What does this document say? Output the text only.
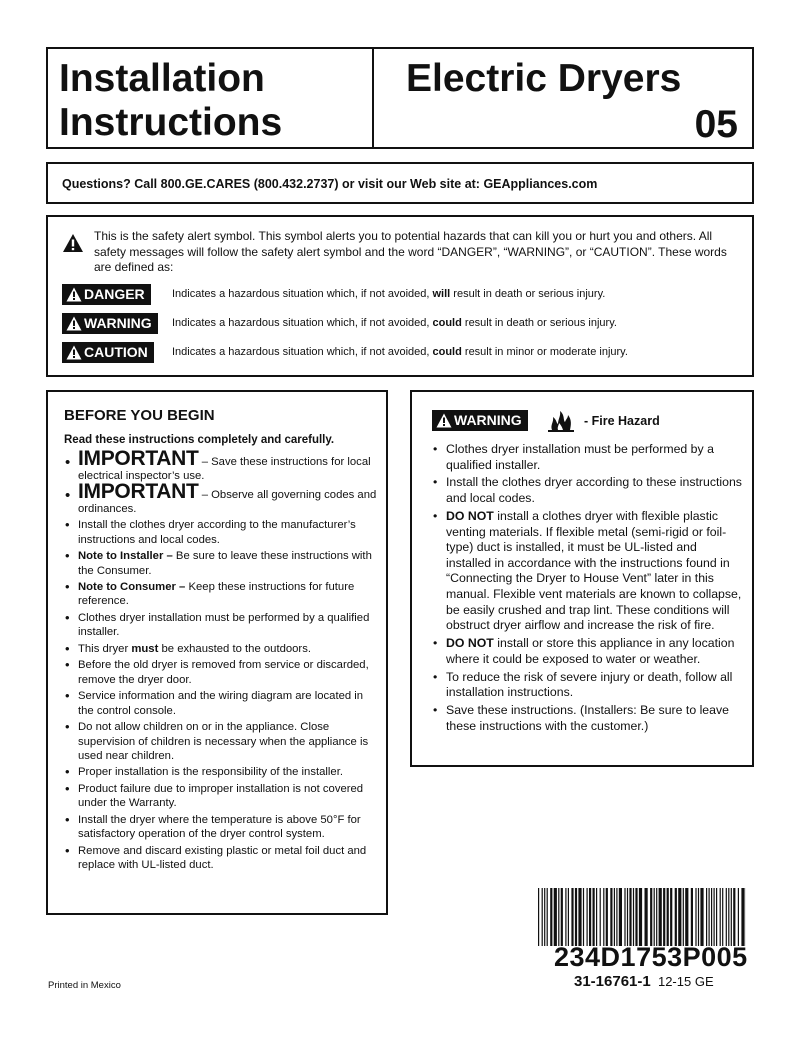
Installation
Instructions
Electric Dryers
05
Questions? Call 800.GE.CARES (800.432.2737) or visit our Web site at: GEAppliances.com
This is the safety alert symbol. This symbol alerts you to potential hazards that can kill you or hurt you and others. All safety messages will follow the safety alert symbol and the word “DANGER”, “WARNING”, or “CAUTION”. These words are defined as:
DANGER	Indicates a hazardous situation which, if not avoided, will result in death or serious injury.
WARNING	Indicates a hazardous situation which, if not avoided, could result in death or serious injury.
CAUTION	Indicates a hazardous situation which, if not avoided, could result in minor or moderate injury.
BEFORE YOU BEGIN
Read these instructions completely and carefully.
• IMPORTANT – Save these instructions for local electrical inspector’s use.
• IMPORTANT – Observe all governing codes and ordinances.
• Install the clothes dryer according to the manufacturer’s instructions and local codes.
• Note to Installer – Be sure to leave these instructions with the Consumer.
• Note to Consumer – Keep these instructions for future reference.
• Clothes dryer installation must be performed by a qualified installer.
• This dryer must be exhausted to the outdoors.
• Before the old dryer is removed from service or discarded, remove the dryer door.
• Service information and the wiring diagram are located in the control console.
• Do not allow children on or in the appliance. Close supervision of children is necessary when the appliance is used near children.
• Proper installation is the responsibility of the installer.
• Product failure due to improper installation is not covered under the Warranty.
• Install the dryer where the temperature is above 50°F for satisfactory operation of the dryer control system.
• Remove and discard existing plastic or metal foil duct and replace with UL-listed duct.
WARNING	- Fire Hazard
• Clothes dryer installation must be performed by a qualified installer.
• Install the clothes dryer according to these instructions and local codes.
• DO NOT install a clothes dryer with flexible plastic venting materials. If flexible metal (semi-rigid or foil-type) duct is installed, it must be UL-listed and installed in accordance with the instructions found in “Connecting the Dryer to House Vent” later in this manual. Flexible vent materials are known to collapse, be easily crushed and trap lint. These conditions will obstruct dryer airflow and increase the risk of fire.
• DO NOT install or store this appliance in any location where it could be exposed to water or weather.
• To reduce the risk of severe injury or death, follow all installation instructions.
• Save these instructions. (Installers: Be sure to leave these instructions with the customer.)
Printed in Mexico
234D1753P005
31-16761-1 12-15 GE
